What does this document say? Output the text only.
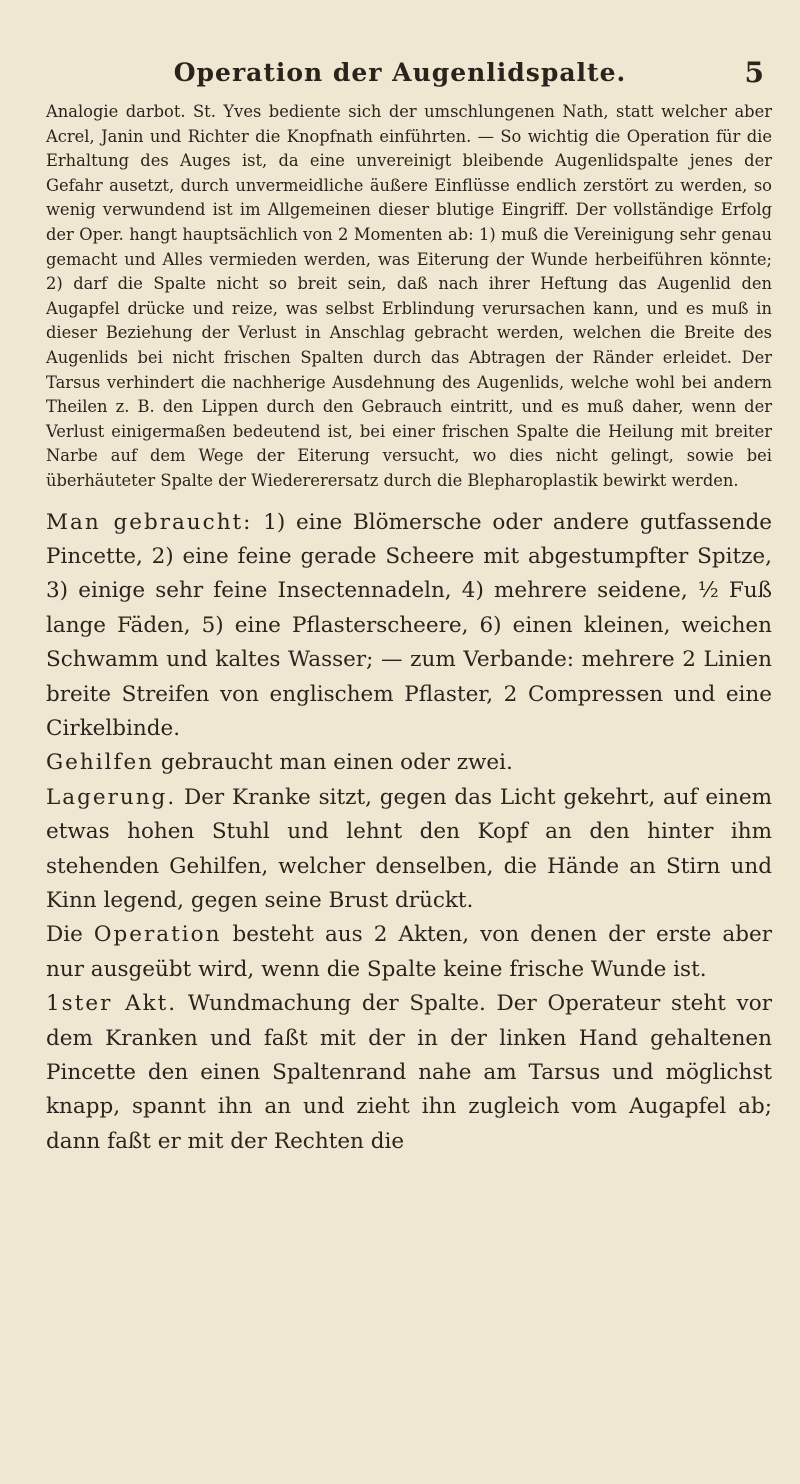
Operation der Augenlidspalte.	5

Analogie darbot. St. Yves bediente sich der umschlungenen Nath, statt welcher aber Acrel, Janin und Richter die Knopfnath einführten. — So wichtig die Operation für die Erhaltung des Auges ist, da eine unvereinigt bleibende Augenlidspalte jenes der Gefahr ausetzt, durch unvermeidliche äußere Einflüsse endlich zerstört zu werden, so wenig verwundend ist im Allgemeinen dieser blutige Eingriff. Der vollständige Erfolg der Oper. hangt hauptsächlich von 2 Momenten ab: 1) muß die Vereinigung sehr genau gemacht und Alles vermieden werden, was Eiterung der Wunde herbeiführen könnte; 2) darf die Spalte nicht so breit sein, daß nach ihrer Heftung das Augenlid den Augapfel drücke und reize, was selbst Erblindung verursachen kann, und es muß in dieser Beziehung der Verlust in Anschlag gebracht werden, welchen die Breite des Augenlids bei nicht frischen Spalten durch das Abtragen der Ränder erleidet. Der Tarsus verhindert die nachherige Ausdehnung des Augenlids, welche wohl bei andern Theilen z. B. den Lippen durch den Gebrauch eintritt, und es muß daher, wenn der Verlust einigermaßen bedeutend ist, bei einer frischen Spalte die Heilung mit breiter Narbe auf dem Wege der Eiterung versucht, wo dies nicht gelingt, sowie bei überhäuteter Spalte der Wiedererersatz durch die Blepharoplastik bewirkt werden.

Man gebraucht: 1) eine Blömersche oder andere gutfassende Pincette, 2) eine feine gerade Scheere mit abgestumpfter Spitze, 3) einige sehr feine Insectennadeln, 4) mehrere seidene, ½ Fuß lange Fäden, 5) eine Pflasterscheere, 6) einen kleinen, weichen Schwamm und kaltes Wasser; — zum Verbande: mehrere 2 Linien breite Streifen von englischem Pflaster, 2 Compressen und eine Cirkelbinde.

Gehilfen gebraucht man einen oder zwei.

Lagerung. Der Kranke sitzt, gegen das Licht gekehrt, auf einem etwas hohen Stuhl und lehnt den Kopf an den hinter ihm stehenden Gehilfen, welcher denselben, die Hände an Stirn und Kinn legend, gegen seine Brust drückt.

Die Operation besteht aus 2 Akten, von denen der erste aber nur ausgeübt wird, wenn die Spalte keine frische Wunde ist.

1ster Akt. Wundmachung der Spalte. Der Operateur steht vor dem Kranken und faßt mit der in der linken Hand gehaltenen Pincette den einen Spaltenrand nahe am Tarsus und möglichst knapp, spannt ihn an und zieht ihn zugleich vom Augapfel ab; dann faßt er mit der Rechten die
